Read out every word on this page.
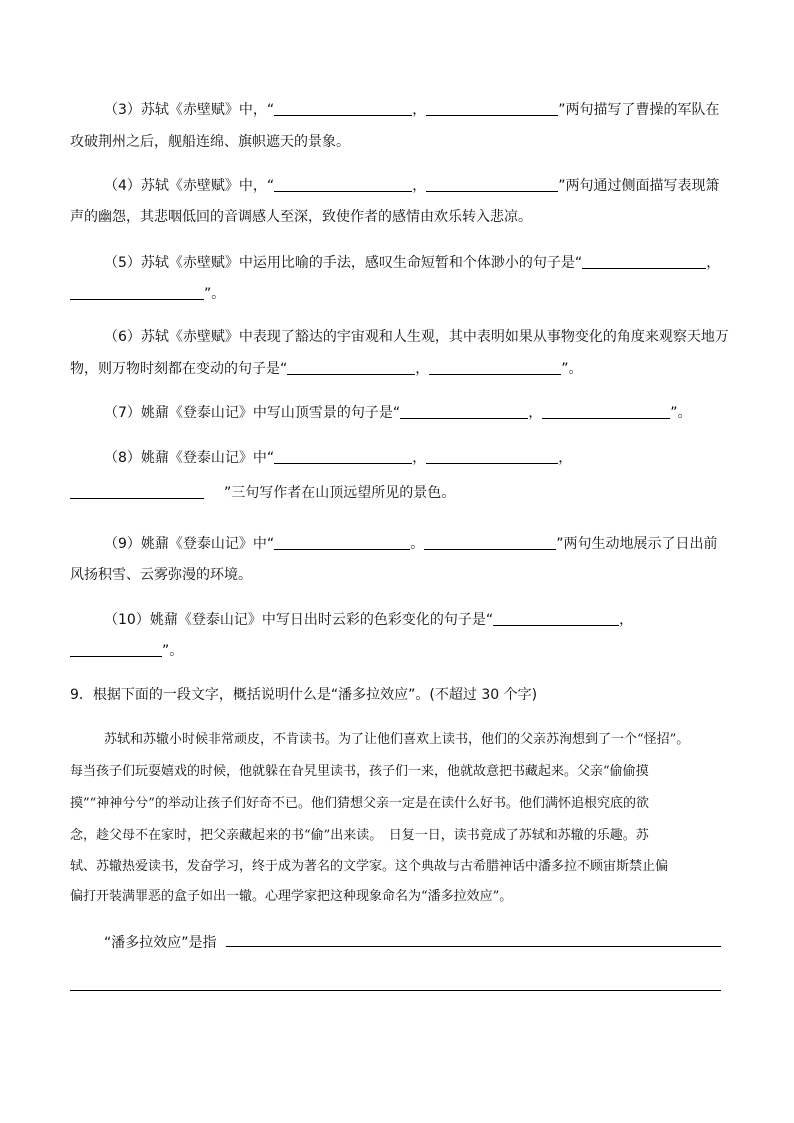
（3）苏轼《赤壁赋》中，“	，	”两句描写了曹操的军队在
攻破荆州之后，舰船连绵、旗帜遮天的景象。
（4）苏轼《赤壁赋》中，“	，	”两句通过侧面描写表现箫
声的幽怨，其悲咽低回的音调感人至深，致使作者的感情由欢乐转入悲凉。
（5）苏轼《赤壁赋》中运用比喻的手法，感叹生命短暂和个体渺小的句子是“	，
”。
（6）苏轼《赤壁赋》中表现了豁达的宇宙观和人生观，其中表明如果从事物变化的角度来观察天地万
物，则万物时刻都在变动的句子是“	，	”。
（7）姚鼐《登泰山记》中写山顶雪景的句子是“	，	”。
（8）姚鼐《登泰山记》中“	，	，
”三句写作者在山顶远望所见的景色。
（9）姚鼐《登泰山记》中“	。	”两句生动地展示了日出前
风扬积雪、云雾弥漫的环境。
（10）姚鼐《登泰山记》中写日出时云彩的色彩变化的句子是“	，
”。
9．根据下面的一段文字，概括说明什么是“潘多拉效应”。(不超过 30 个字)
苏轼和苏辙小时候非常顽皮，不肯读书。为了让他们喜欢上读书，他们的父亲苏洵想到了一个“怪招”。
每当孩子们玩耍嬉戏的时候，他就躲在旮旯里读书，孩子们一来，他就故意把书藏起来。父亲“偷偷摸
摸”“神神兮兮”的举动让孩子们好奇不已。他们猜想父亲一定是在读什么好书。他们满怀追根究底的欲
念，趁父母不在家时，把父亲藏起来的书“偷”出来读。　日复一日，读书竟成了苏轼和苏辙的乐趣。苏
轼、苏辙热爱读书，发奋学习，终于成为著名的文学家。这个典故与古希腊神话中潘多拉不顾宙斯禁止偏
偏打开装满罪恶的盒子如出一辙。心理学家把这种现象命名为“潘多拉效应”。
“潘多拉效应”是指
